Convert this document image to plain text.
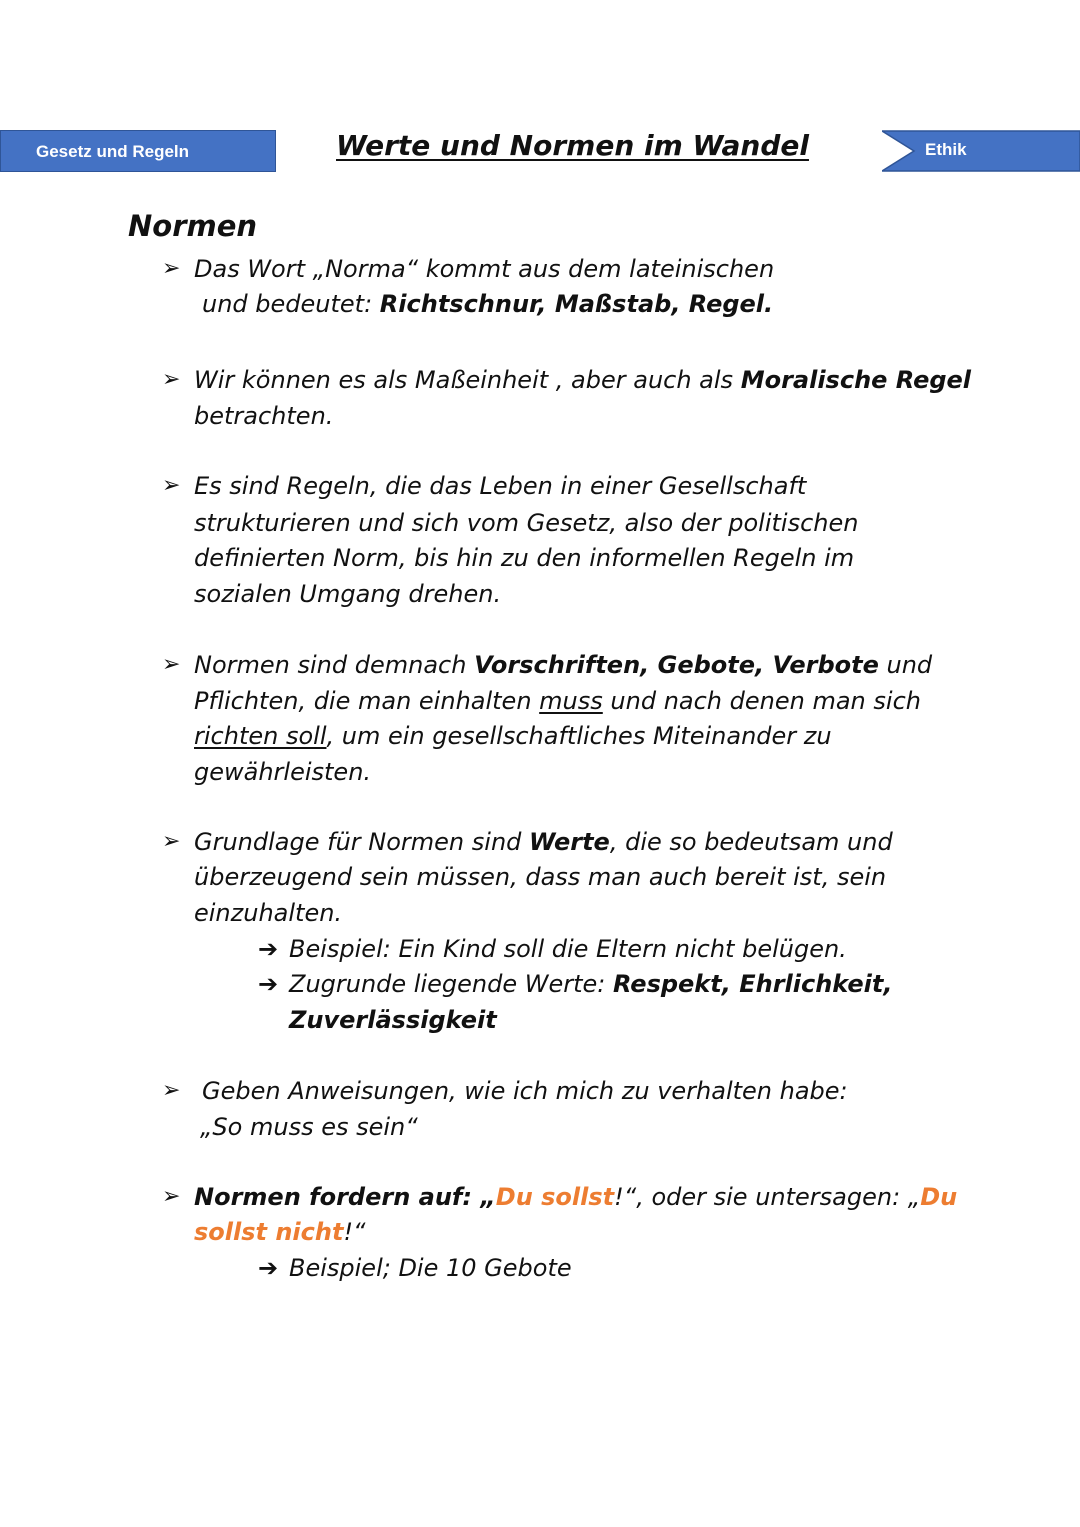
Gesetz und Regeln	Werte und Normen im Wandel	Ethik
Normen
➢ Das Wort „Norma“ kommt aus dem lateinischen
und bedeutet: Richtschnur, Maßstab, Regel.
➢ Wir können es als Maßeinheit , aber auch als Moralische Regel
betrachten.
➢ Es sind Regeln, die das Leben in einer Gesellschaft
strukturieren und sich vom Gesetz, also der politischen
definierten Norm, bis hin zu den informellen Regeln im
sozialen Umgang drehen.
➢ Normen sind demnach Vorschriften, Gebote, Verbote und
Pflichten, die man einhalten muss und nach denen man sich
richten soll, um ein gesellschaftliches Miteinander zu
gewährleisten.
➢ Grundlage für Normen sind Werte, die so bedeutsam und
überzeugend sein müssen, dass man auch bereit ist, sein
einzuhalten.
➔ Beispiel: Ein Kind soll die Eltern nicht belügen.
➔ Zugrunde liegende Werte: Respekt, Ehrlichkeit,
Zuverlässigkeit
➢ Geben Anweisungen, wie ich mich zu verhalten habe:
„So muss es sein“
➢ Normen fordern auf: „Du sollst!“, oder sie untersagen: „Du
sollst nicht!“
➔ Beispiel; Die 10 Gebote
